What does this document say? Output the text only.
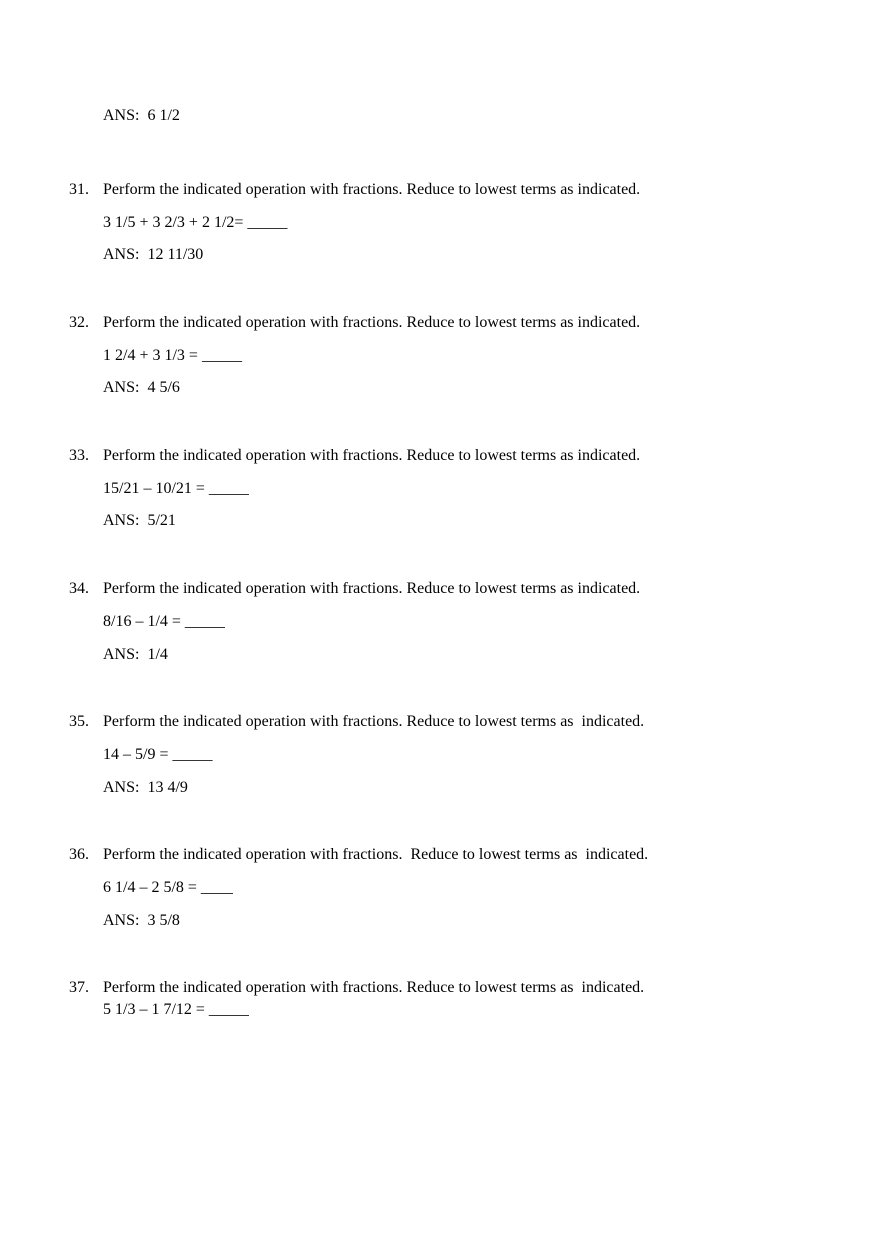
ANS: 6 1/2
31. Perform the indicated operation with fractions. Reduce to lowest terms as indicated.
3 1/5 + 3 2/3 + 2 1/2= _____
ANS: 12 11/30
32. Perform the indicated operation with fractions. Reduce to lowest terms as indicated.
1 2/4 + 3 1/3 = _____
ANS: 4 5/6
33. Perform the indicated operation with fractions. Reduce to lowest terms as indicated.
15/21 – 10/21 = _____
ANS: 5/21
34. Perform the indicated operation with fractions. Reduce to lowest terms as indicated.
8/16 – 1/4 = _____
ANS: 1/4
35. Perform the indicated operation with fractions. Reduce to lowest terms as  indicated.
14 – 5/9 = _____
ANS: 13 4/9
36. Perform the indicated operation with fractions.  Reduce to lowest terms as  indicated.
6 1/4 – 2 5/8 = ____
ANS: 3 5/8
37. Perform the indicated operation with fractions. Reduce to lowest terms as  indicated.
5 1/3 – 1 7/12 = _____
